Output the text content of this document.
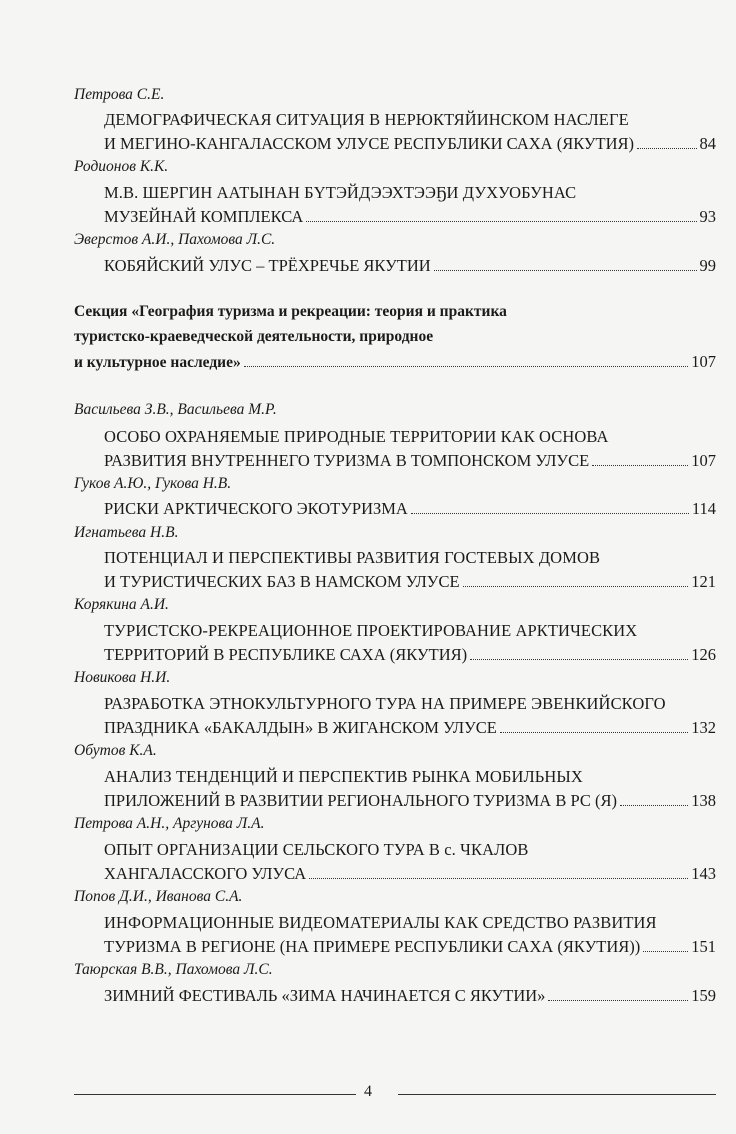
Петрова С.Е.
ДЕМОГРАФИЧЕСКАЯ СИТУАЦИЯ В НЕРЮКТЯЙИНСКОМ НАСЛЕГЕ
И МЕГИНО-КАНГАЛАССКОМ УЛУСЕ РЕСПУБЛИКИ САХА (ЯКУТИЯ)	84
Родионов К.К.
М.В. ШЕРГИН ААТЫНАН БҮТЭЙДЭЭХТЭЭҔИ ДУХУОБУНАС
МУЗЕЙНАЙ КОМПЛЕКСА	93
Эверстов А.И., Пахомова Л.С.
КОБЯЙСКИЙ УЛУС – ТРЁХРЕЧЬЕ ЯКУТИИ	99
Секция «География туризма и рекреации: теория и практика
туристско-краеведческой деятельности, природное
и культурное наследие»	107
Васильева З.В., Васильева М.Р.
ОСОБО ОХРАНЯЕМЫЕ ПРИРОДНЫЕ ТЕРРИТОРИИ КАК ОСНОВА
РАЗВИТИЯ ВНУТРЕННЕГО ТУРИЗМА В ТОМПОНСКОМ УЛУСЕ	107
Гуков А.Ю., Гукова Н.В.
РИСКИ АРКТИЧЕСКОГО ЭКОТУРИЗМА	114
Игнатьева Н.В.
ПОТЕНЦИАЛ И ПЕРСПЕКТИВЫ РАЗВИТИЯ ГОСТЕВЫХ ДОМОВ
И ТУРИСТИЧЕСКИХ БАЗ В НАМСКОМ УЛУСЕ	121
Корякина А.И.
ТУРИСТСКО-РЕКРЕАЦИОННОЕ ПРОЕКТИРОВАНИЕ АРКТИЧЕСКИХ
ТЕРРИТОРИЙ В РЕСПУБЛИКЕ САХА (ЯКУТИЯ)	126
Новикова Н.И.
РАЗРАБОТКА ЭТНОКУЛЬТУРНОГО ТУРА НА ПРИМЕРЕ ЭВЕНКИЙСКОГО
ПРАЗДНИКА «БАКАЛДЫН» В ЖИГАНСКОМ УЛУСЕ	132
Обутов К.А.
АНАЛИЗ ТЕНДЕНЦИЙ И ПЕРСПЕКТИВ РЫНКА МОБИЛЬНЫХ
ПРИЛОЖЕНИЙ В РАЗВИТИИ РЕГИОНАЛЬНОГО ТУРИЗМА В РС (Я)	138
Петрова А.Н., Аргунова Л.А.
ОПЫТ ОРГАНИЗАЦИИ СЕЛЬСКОГО ТУРА В с. ЧКАЛОВ
ХАНГАЛАССКОГО УЛУСА	143
Попов Д.И., Иванова С.А.
ИНФОРМАЦИОННЫЕ ВИДЕОМАТЕРИАЛЫ КАК СРЕДСТВО РАЗВИТИЯ
ТУРИЗМА В РЕГИОНЕ (НА ПРИМЕРЕ РЕСПУБЛИКИ САХА (ЯКУТИЯ))	151
Таюрская В.В., Пахомова Л.С.
ЗИМНИЙ ФЕСТИВАЛЬ «ЗИМА НАЧИНАЕТСЯ С ЯКУТИИ»	159
4
